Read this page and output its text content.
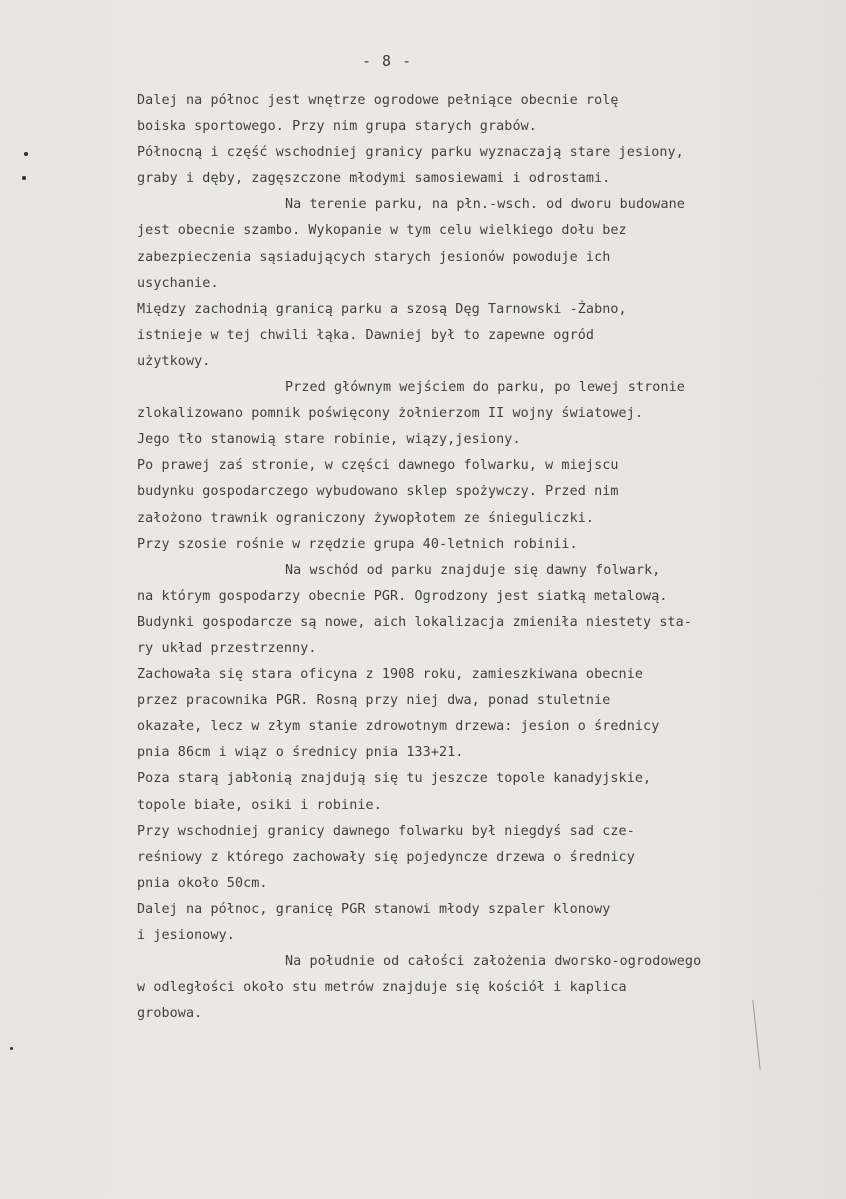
- 8 -
Dalej na północ jest wnętrze ogrodowe pełniące obecnie rolę
boiska sportowego. Przy nim grupa starych grabów.
Północną i część wschodniej granicy parku wyznaczają stare jesiony,
graby i dęby, zagęszczone młodymi samosiewami i odrostami.
Na terenie parku, na płn.-wsch. od dworu budowane
jest obecnie szambo. Wykopanie w tym celu wielkiego dołu bez
zabezpieczenia sąsiadujących starych jesionów powoduje ich
usychanie.
Między zachodnią granicą parku a szosą Dęg Tarnowski -Żabno,
istnieje w tej chwili łąka. Dawniej był to zapewne ogród
użytkowy.
Przed głównym wejściem do parku, po lewej stronie
zlokalizowano pomnik poświęcony żołnierzom II wojny światowej.
Jego tło stanowią stare robinie, wiązy,jesiony.
Po prawej zaś stronie, w części dawnego folwarku, w miejscu
budynku gospodarczego wybudowano sklep spożywczy. Przed nim
założono trawnik ograniczony żywopłotem ze śnieguliczki.
Przy szosie rośnie w rzędzie grupa 40-letnich robinii.
Na wschód od parku znajduje się dawny folwark,
na którym gospodarzy obecnie PGR. Ogrodzony jest siatką metalową.
Budynki gospodarcze są nowe, aich lokalizacja zmieniła niestety sta-
ry układ przestrzenny.
Zachowała się stara oficyna z 1908 roku, zamieszkiwana obecnie
przez pracownika PGR. Rosną przy niej dwa, ponad stuletnie
okazałe, lecz w złym stanie zdrowotnym drzewa: jesion o średnicy
pnia 86cm i wiąz o średnicy pnia 133+21.
Poza starą jabłonią znajdują się tu jeszcze topole kanadyjskie,
topole białe, osiki i robinie.
Przy wschodniej granicy dawnego folwarku był niegdyś sad cze-
reśniowy z którego zachowały się pojedyncze drzewa o średnicy
pnia około 50cm.
Dalej na północ, granicę PGR stanowi młody szpaler klonowy
i jesionowy.
Na południe od całości założenia dworsko-ogrodowego
w odległości około stu metrów znajduje się kościół i kaplica
grobowa.
